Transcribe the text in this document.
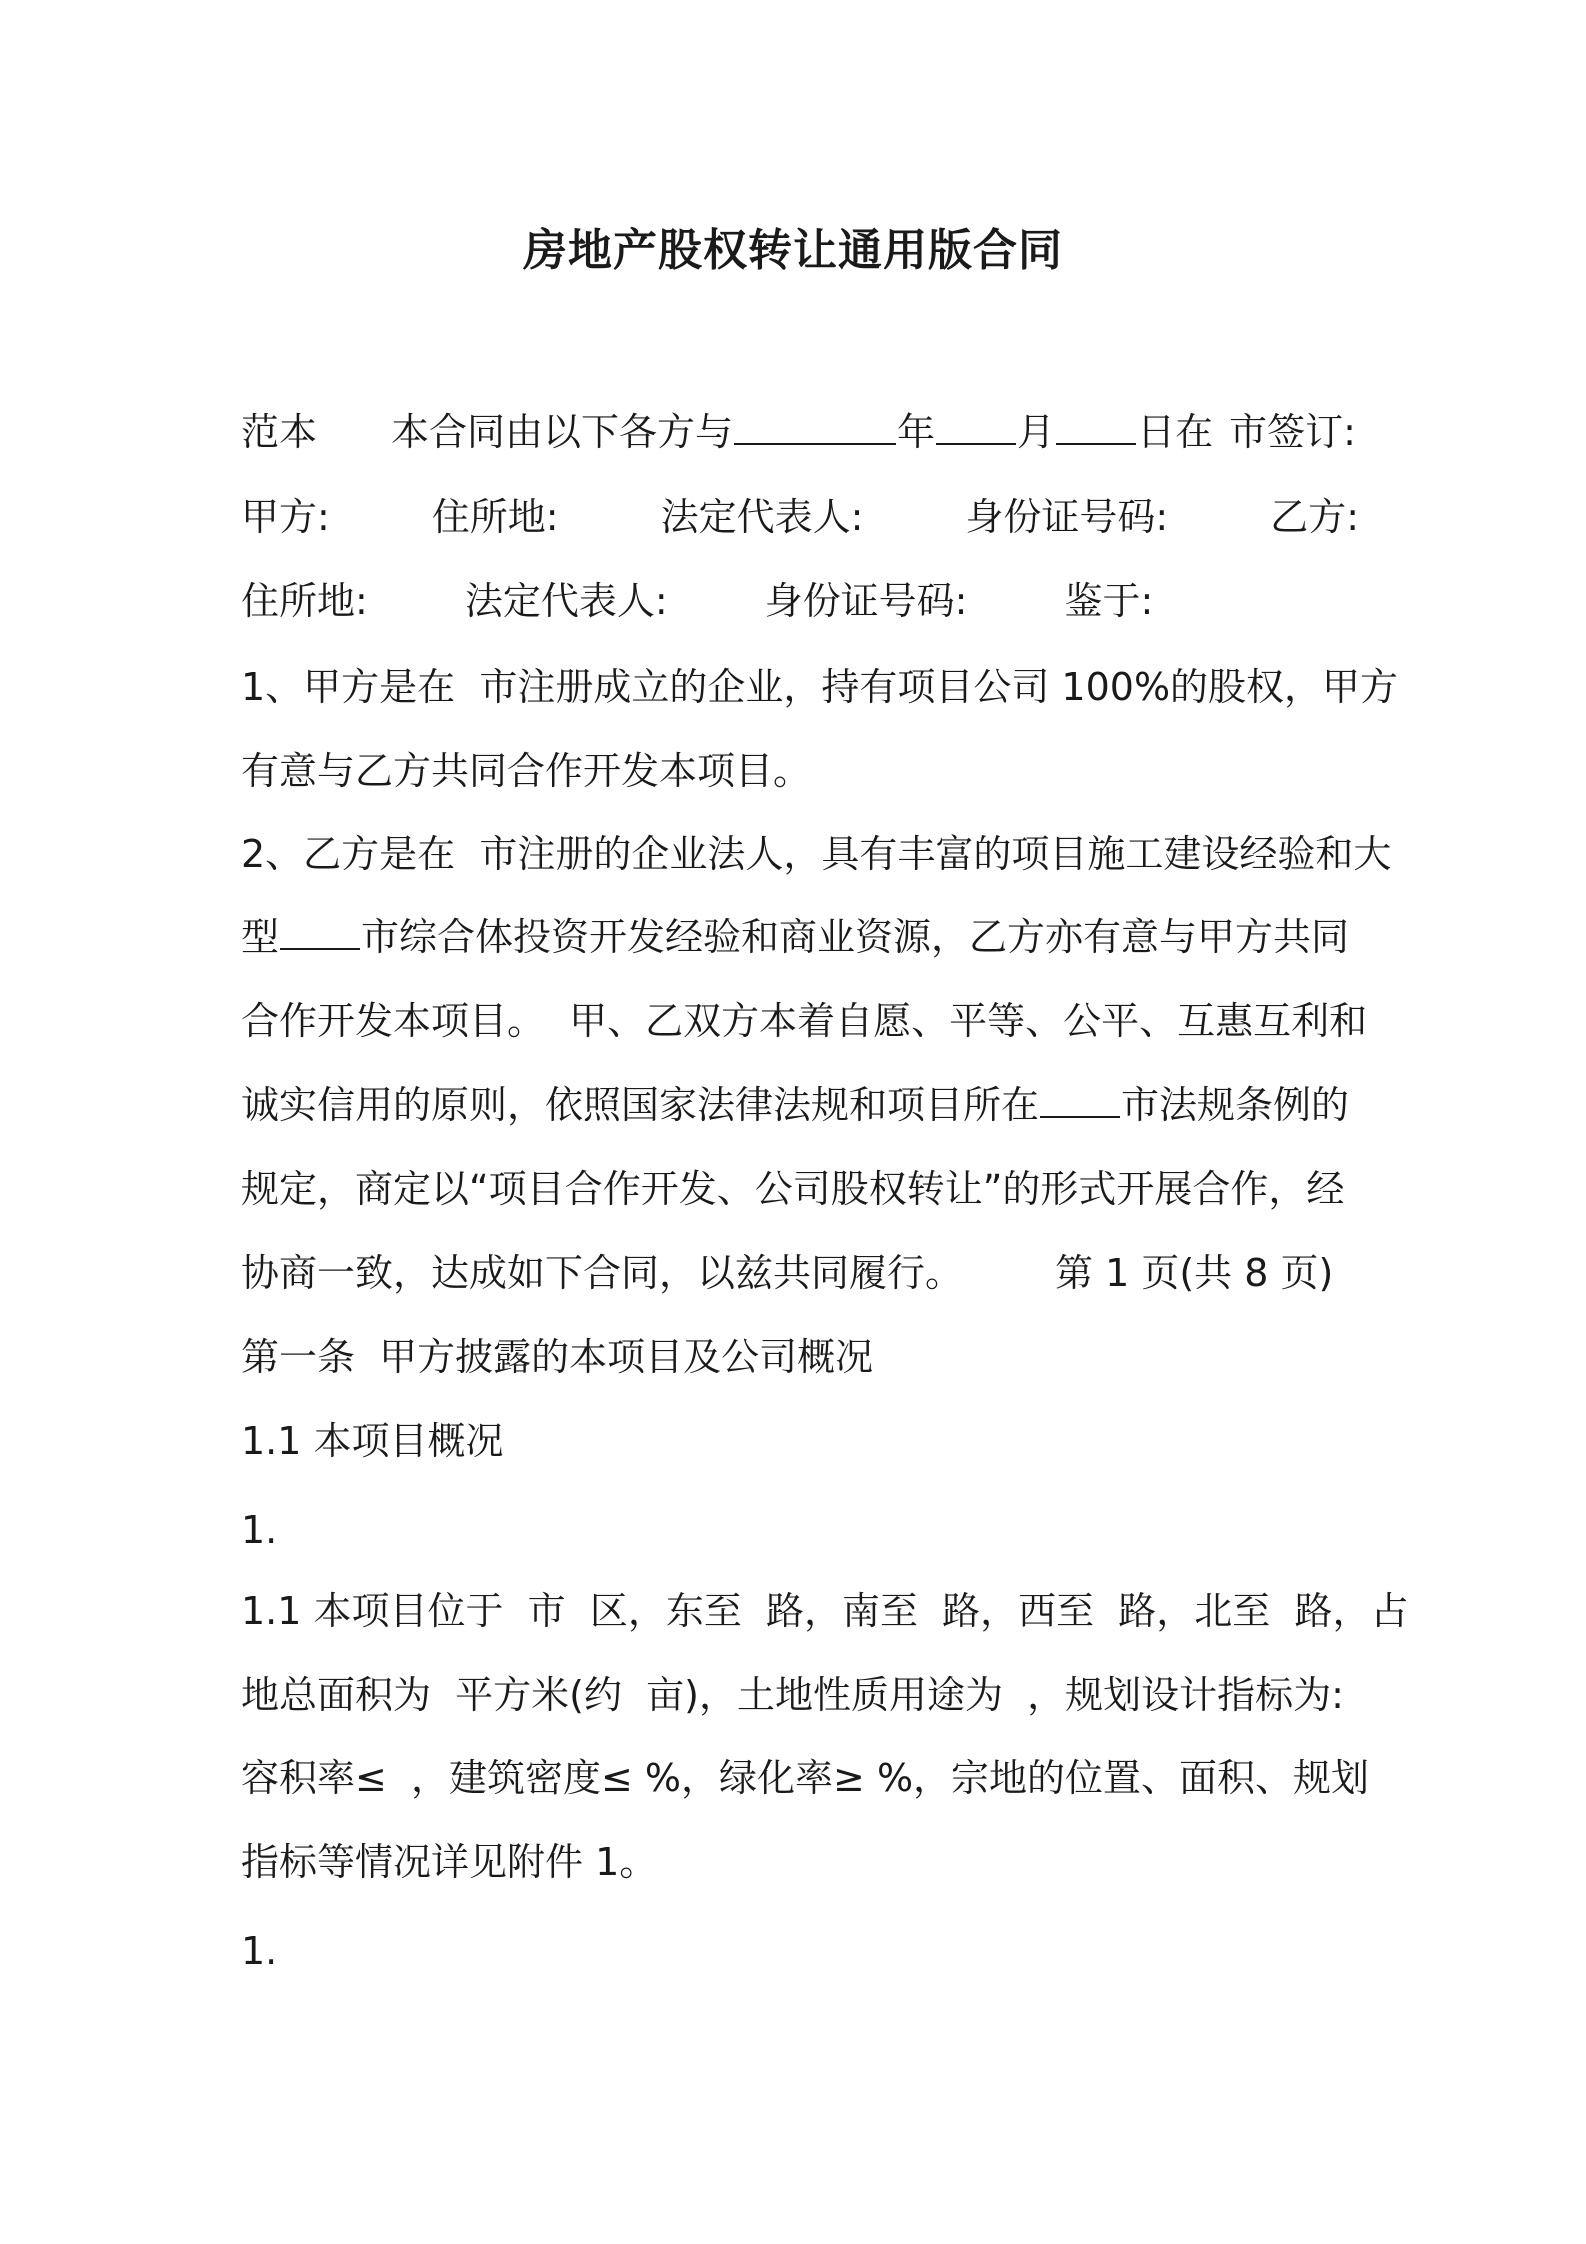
房地产股权转让通用版合同
范本 本合同由以下各方与	年 月 日在 市签订:
甲方:	住所地:	法定代表人:	身份证号码:	乙方:
住所地:	法定代表人:	身份证号码:	鉴于:
1、甲方是在  市注册成立的企业，持有项目公司 100%的股权，甲方
有意与乙方共同合作开发本项目。
2、乙方是在  市注册的企业法人，具有丰富的项目施工建设经验和大
型 市综合体投资开发经验和商业资源，乙方亦有意与甲方共同
合作开发本项目。  甲、乙双方本着自愿、平等、公平、互惠互利和
诚实信用的原则，依照国家法律法规和项目所在 市法规条例的
规定，商定以“项目合作开发、公司股权转让”的形式开展合作，经
协商一致，达成如下合同，以兹共同履行。 第 1 页(共 8 页)
第一条  甲方披露的本项目及公司概况
1.1 本项目概况
1.
1.1 本项目位于  市  区，东至  路，南至  路，西至  路，北至  路，占
地总面积为  平方米(约  亩)，土地性质用途为  ，规划设计指标为:
容积率≤  ，建筑密度≤ %，绿化率≥ %，宗地的位置、面积、规划
指标等情况详见附件 1。
1.
